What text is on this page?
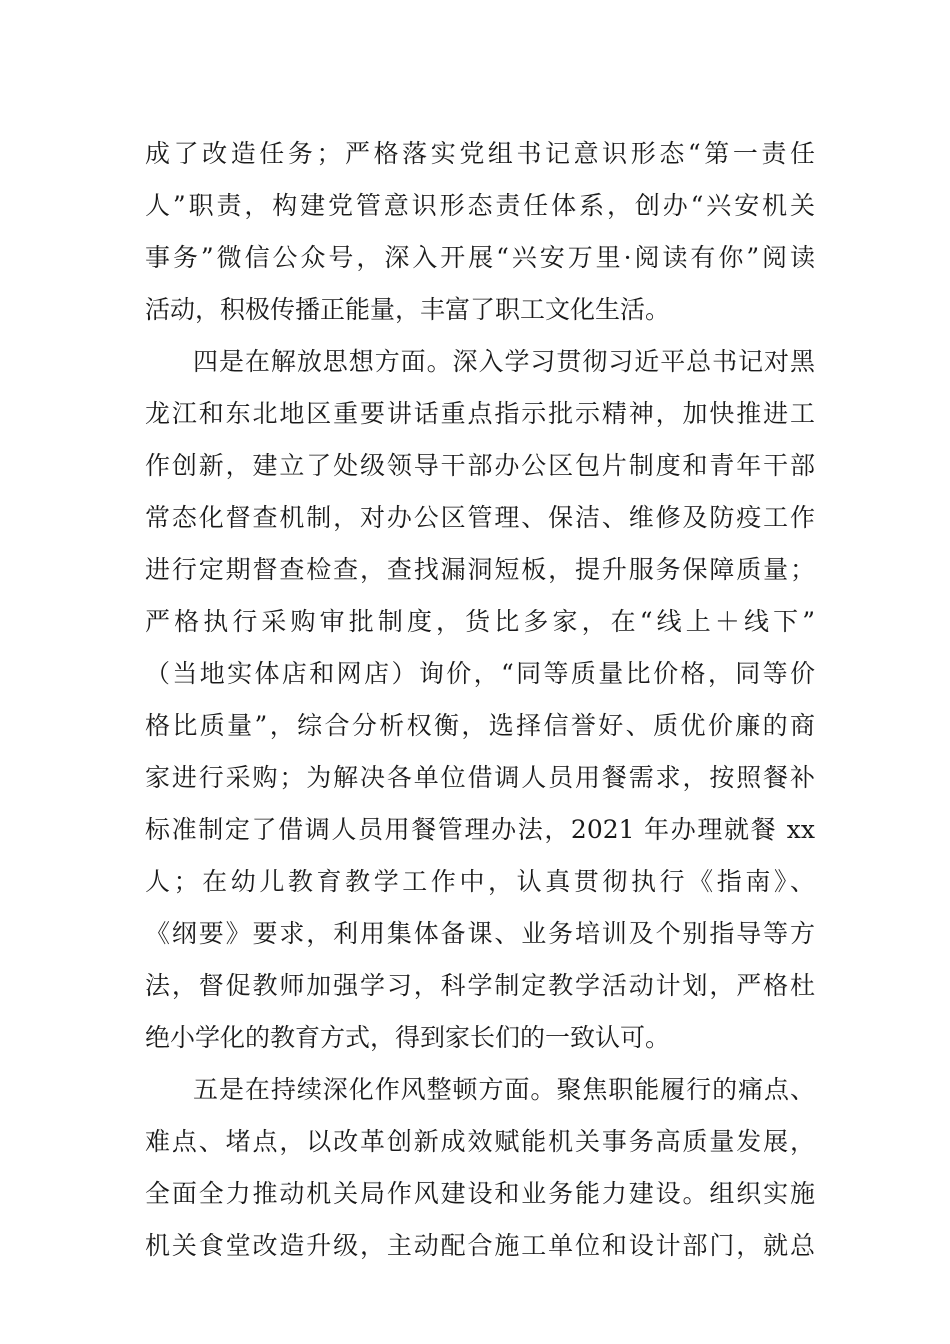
成了改造任务；严格落实党组书记意识形态“第一责任
人”职责，构建党管意识形态责任体系，创办“兴安机关
事务”微信公众号，深入开展“兴安万里·阅读有你”阅读
活动，积极传播正能量，丰富了职工文化生活。
四是在解放思想方面。深入学习贯彻习近平总书记对黑
龙江和东北地区重要讲话重点指示批示精神，加快推进工
作创新，建立了处级领导干部办公区包片制度和青年干部
常态化督查机制，对办公区管理、保洁、维修及防疫工作
进行定期督查检查，查找漏洞短板，提升服务保障质量；
严格执行采购审批制度，货比多家，在“线上＋线下”
（当地实体店和网店）询价，“同等质量比价格，同等价
格比质量”，综合分析权衡，选择信誉好、质优价廉的商
家进行采购；为解决各单位借调人员用餐需求，按照餐补
标准制定了借调人员用餐管理办法，2021 年办理就餐 xx
人；在幼儿教育教学工作中，认真贯彻执行《指南》、
《纲要》要求，利用集体备课、业务培训及个别指导等方
法，督促教师加强学习，科学制定教学活动计划，严格杜
绝小学化的教育方式，得到家长们的一致认可。
五是在持续深化作风整顿方面。聚焦职能履行的痛点、
难点、堵点，以改革创新成效赋能机关事务高质量发展，
全面全力推动机关局作风建设和业务能力建设。组织实施
机关食堂改造升级，主动配合施工单位和设计部门，就总
